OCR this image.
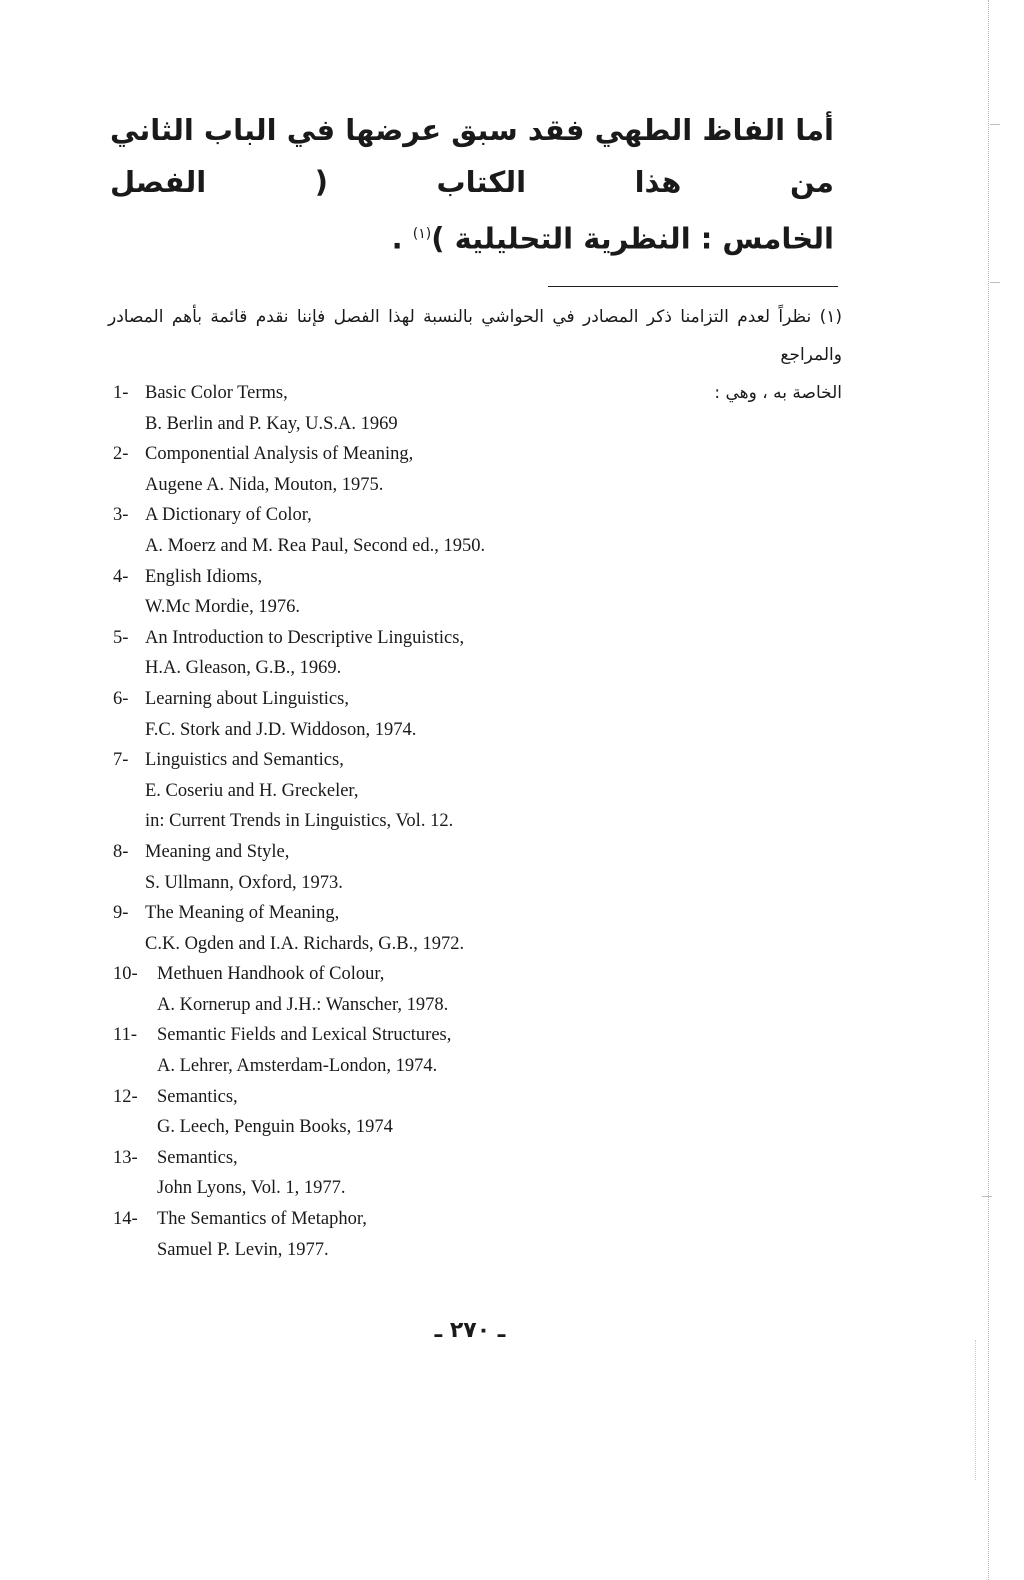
أما الفاظ الطهي فقد سبق عرضها في الباب الثاني من هذا الكتاب ( الفصل

الخامس : النظرية التحليلية )$^{(١)}$ .

(١) نظراً لعدم التزامنا ذكر المصادر في الحواشي بالنسبة لهذا الفصل فإننا نقدم قائمة بأهم المصادر والمراجع

الخاصة به ، وهي :

1- Basic Color Terms,
B. Berlin and P. Kay, U.S.A. 1969
2- Componential Analysis of Meaning,
Augene A. Nida, Mouton, 1975.
3- A Dictionary of Color,
A. Moerz and M. Rea Paul, Second ed., 1950.
4- English Idioms,
W.Mc Mordie, 1976.
5- An Introduction to Descriptive Linguistics,
H.A. Gleason, G.B., 1969.
6- Learning about Linguistics,
F.C. Stork and J.D. Widdoson, 1974.
7- Linguistics and Semantics,
E. Coseriu and H. Greckeler,
in: Current Trends in Linguistics, Vol. 12.
8- Meaning and Style,
S. Ullmann, Oxford, 1973.
9- The Meaning of Meaning,
C.K. Ogden and I.A. Richards, G.B., 1972.
10-	Methuen Handhook of Colour,
A. Kornerup and J.H.: Wanscher, 1978.
11-	Semantic Fields and Lexical Structures,
A. Lehrer, Amsterdam-London, 1974.
12-	Semantics,
G. Leech, Penguin Books, 1974
13-	Semantics,
John Lyons, Vol. 1, 1977.
14-	The Semantics of Metaphor,
Samuel P. Levin, 1977.
ـ ٢٧٠ ـ
